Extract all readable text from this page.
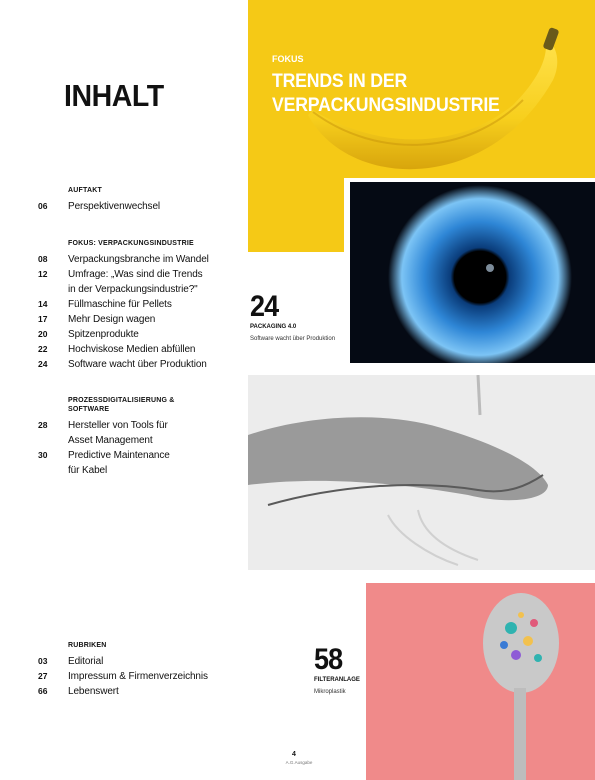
INHALT
AUFTAKT
06	Perspektivenwechsel
FOKUS: VERPACKUNGSINDUSTRIE
08	Verpackungsbranche im Wandel
12	Umfrage: „Was sind die Trends
in der Verpackungsindustrie?"
14	Füllmaschine für Pellets
17	Mehr Design wagen
20	Spitzenprodukte
22	Hochviskose Medien abfüllen
24	Software wacht über Produktion
PROZESSDIGITALISIERUNG &
SOFTWARE
28	Hersteller von Tools für
Asset Management
30	Predictive Maintenance
für Kabel
RUBRIKEN
03	Editorial
27	Impressum & Firmenverzeichnis
66	Lebenswert
FOKUS
TRENDS IN DER VERPACKUNGSINDUSTRIE
24
PACKAGING 4.0
Software wacht über Produktion
58
FILTERANLAGE
Mikroplastik
4
A.G.Ausgabe
